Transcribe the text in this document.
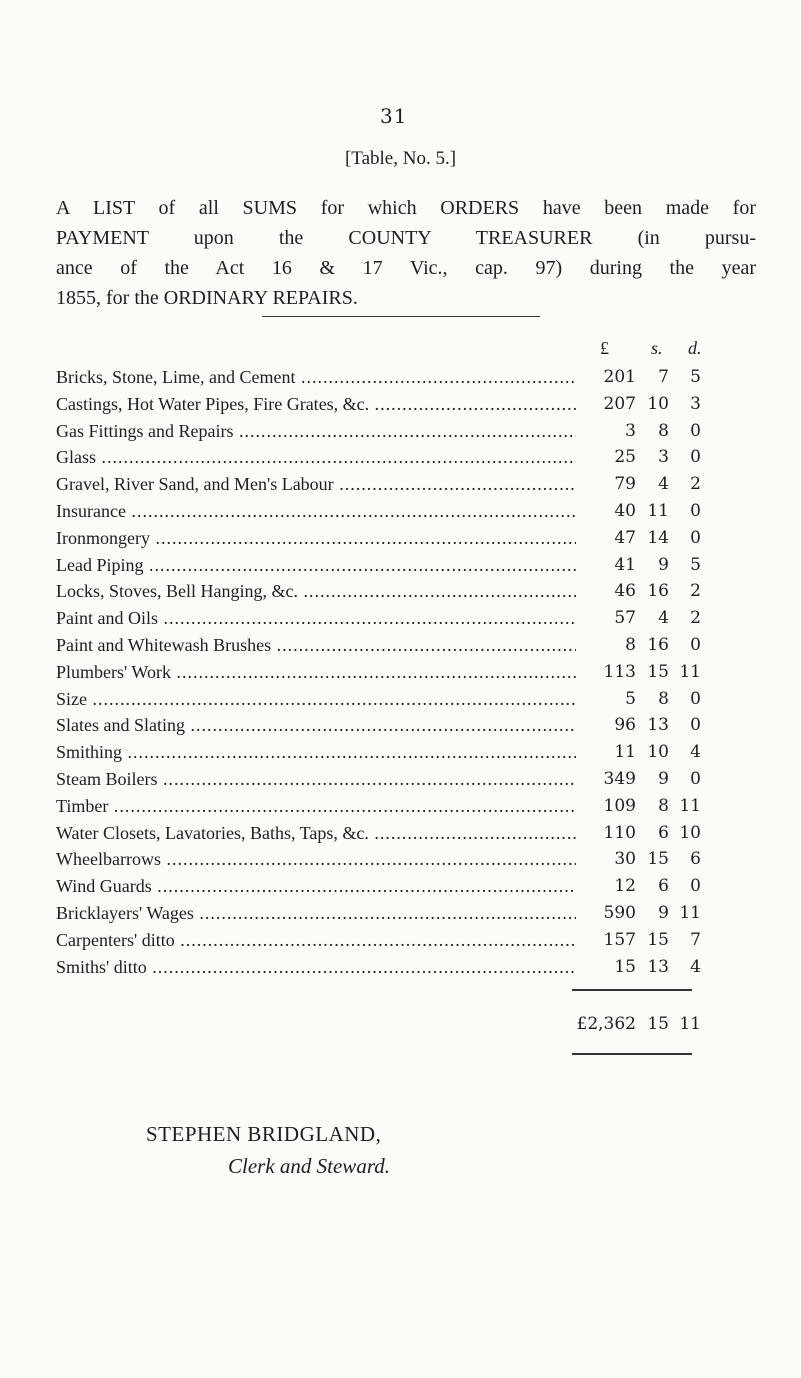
31
[Table, No. 5.]
A LIST of all SUMS for which ORDERS have been made for
PAYMENT upon the COUNTY TREASURER (in pursu-
ance of the Act 16 & 17 Vic., cap. 97) during the year
1855, for the ORDINARY REPAIRS.
£ s. d.
Bricks, Stone, Lime, and Cement .....	201	7	5
Castings, Hot Water Pipes, Fire Grates, &c. .....	207 10	3
Gas Fittings and Repairs .....	3	8	0
Glass .....	25	3	0
Gravel, River Sand, and Men's Labour .....	79	4	2
Insurance .....	40 11	0
Ironmongery .....	47 14	0
Lead Piping .....	41	9	5
Locks, Stoves, Bell Hanging, &c. .....	46 16	2
Paint and Oils .....	57	4	2
Paint and Whitewash Brushes .....	8 16	0
Plumbers' Work .....	113 15 11
Size .....	5	8	0
Slates and Slating .....	96 13	0
Smithing .....	11 10	4
Steam Boilers .....	349	9	0
Timber .....	109	8 11
Water Closets, Lavatories, Baths, Taps, &c. .....	110	6 10
Wheelbarrows .....	30 15	6
Wind Guards .....	12	6	0
Bricklayers' Wages .....	590	9 11
Carpenters' ditto .....	157 15	7
Smiths' ditto .....	15 13	4
£2,362 15 11
STEPHEN BRIDGLAND,
Clerk and Steward.
